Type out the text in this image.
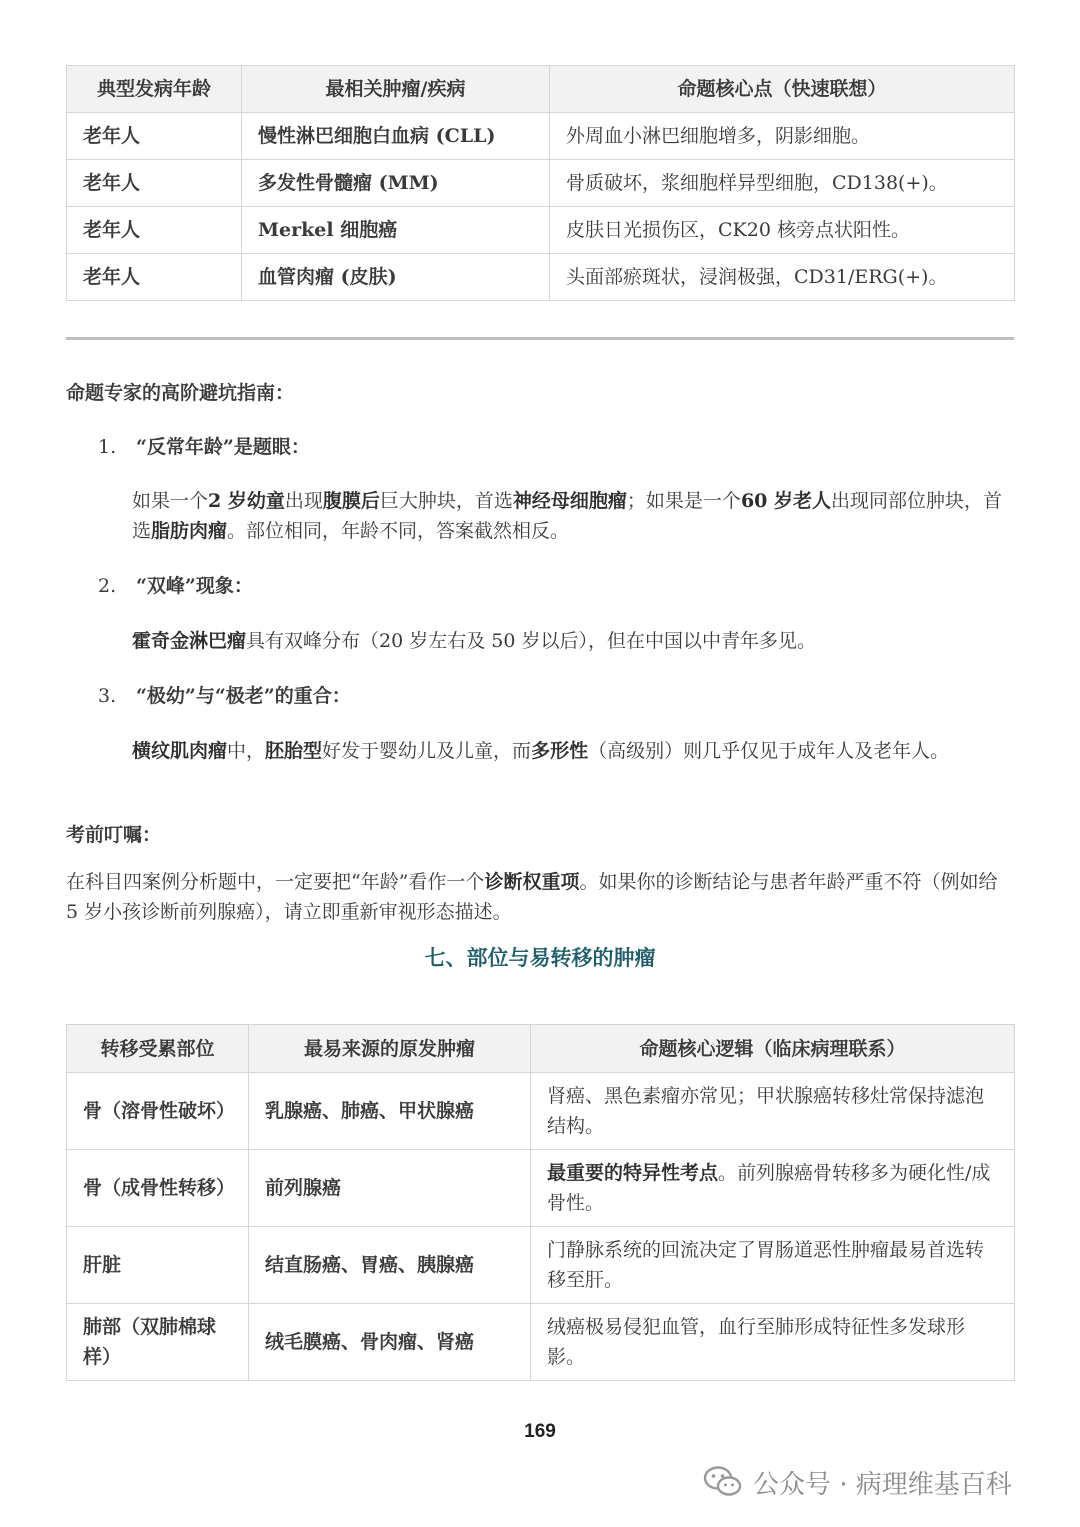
典型发病年龄	最相关肿瘤/疾病	命题核心点（快速联想）
老年人	慢性淋巴细胞白血病 (CLL)	外周血小淋巴细胞增多，阴影细胞。
老年人	多发性骨髓瘤 (MM)	骨质破坏，浆细胞样异型细胞，CD138(+)。
老年人	Merkel 细胞癌	皮肤日光损伤区，CK20 核旁点状阳性。
老年人	血管肉瘤 (皮肤)	头面部瘀斑状，浸润极强，CD31/ERG(+)。

命题专家的高阶避坑指南：

1. “反常年龄”是题眼：

如果一个2 岁幼童出现腹膜后巨大肿块，首选神经母细胞瘤；如果是一个60 岁老人出现同部位肿块，首选脂肪肉瘤。部位相同，年龄不同，答案截然相反。

2. “双峰”现象：

霍奇金淋巴瘤具有双峰分布（20 岁左右及 50 岁以后），但在中国以中青年多见。

3. “极幼”与“极老”的重合：

横纹肌肉瘤中，胚胎型好发于婴幼儿及儿童，而多形性（高级别）则几乎仅见于成年人及老年人。

考前叮嘱：

在科目四案例分析题中，一定要把“年龄”看作一个诊断权重项。如果你的诊断结论与患者年龄严重不符（例如给 5 岁小孩诊断前列腺癌），请立即重新审视形态描述。

七、部位与易转移的肿瘤

转移受累部位	最易来源的原发肿瘤	命题核心逻辑（临床病理联系）
骨（溶骨性破坏）	乳腺癌、肺癌、甲状腺癌	肾癌、黑色素瘤亦常见；甲状腺癌转移灶常保持滤泡结构。
骨（成骨性转移）	前列腺癌	最重要的特异性考点。前列腺癌骨转移多为硬化性/成骨性。
肝脏	结直肠癌、胃癌、胰腺癌	门静脉系统的回流决定了胃肠道恶性肿瘤最易首选转移至肝。
肺部（双肺棉球样）	绒毛膜癌、骨肉瘤、肾癌	绒癌极易侵犯血管，血行至肺形成特征性多发球形影。
169
公众号 · 病理维基百科
